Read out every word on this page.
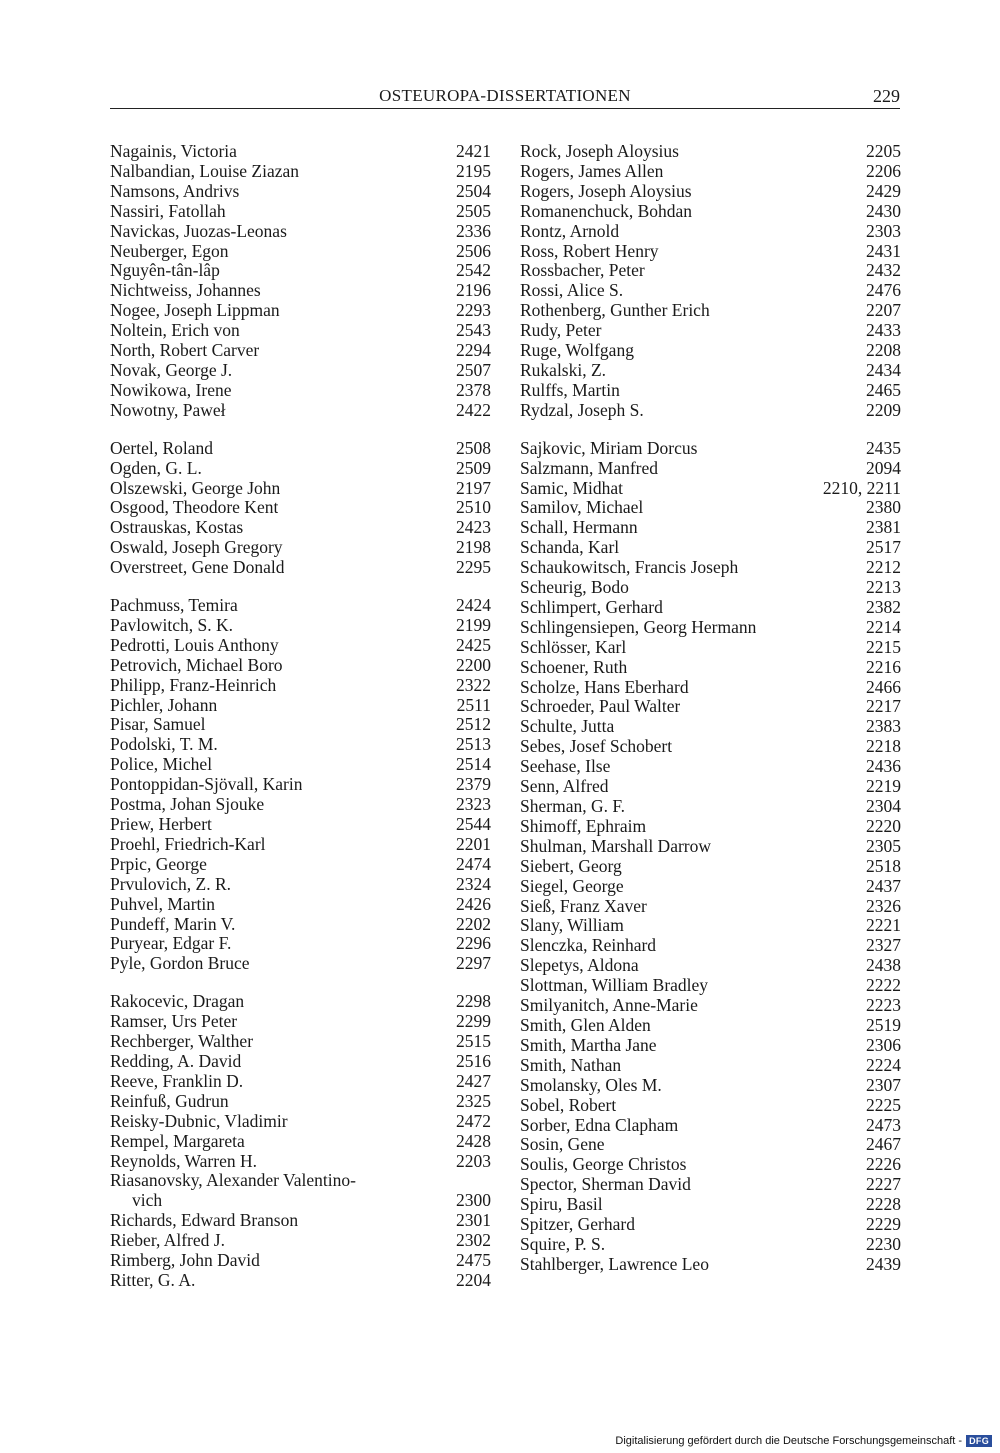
OSTEUROPA-DISSERTATIONEN	229
Nagainis, Victoria	2421
Nalbandian, Louise Ziazan	2195
Namsons, Andrivs	2504
Nassiri, Fatollah	2505
Navickas, Juozas-Leonas	2336
Neuberger, Egon	2506
Nguyên-tân-lâp	2542
Nichtweiss, Johannes	2196
Nogee, Joseph Lippman	2293
Noltein, Erich von	2543
North, Robert Carver	2294
Novak, George J.	2507
Nowikowa, Irene	2378
Nowotny, Paweł	2422
Oertel, Roland	2508
Ogden, G. L.	2509
Olszewski, George John	2197
Osgood, Theodore Kent	2510
Ostrauskas, Kostas	2423
Oswald, Joseph Gregory	2198
Overstreet, Gene Donald	2295
Pachmuss, Temira	2424
Pavlowitch, S. K.	2199
Pedrotti, Louis Anthony	2425
Petrovich, Michael Boro	2200
Philipp, Franz-Heinrich	2322
Pichler, Johann	2511
Pisar, Samuel	2512
Podolski, T. M.	2513
Police, Michel	2514
Pontoppidan-Sjövall, Karin	2379
Postma, Johan Sjouke	2323
Priew, Herbert	2544
Proehl, Friedrich-Karl	2201
Prpic, George	2474
Prvulovich, Z. R.	2324
Puhvel, Martin	2426
Pundeff, Marin V.	2202
Puryear, Edgar F.	2296
Pyle, Gordon Bruce	2297
Rakocevic, Dragan	2298
Ramser, Urs Peter	2299
Rechberger, Walther	2515
Redding, A. David	2516
Reeve, Franklin D.	2427
Reinfuß, Gudrun	2325
Reisky-Dubnic, Vladimir	2472
Rempel, Margareta	2428
Reynolds, Warren H.	2203
Riasanovsky, Alexander Valentino-
vich	2300
Richards, Edward Branson	2301
Rieber, Alfred J.	2302
Rimberg, John David	2475
Ritter, G. A.	2204
Rock, Joseph Aloysius	2205
Rogers, James Allen	2206
Rogers, Joseph Aloysius	2429
Romanenchuck, Bohdan	2430
Rontz, Arnold	2303
Ross, Robert Henry	2431
Rossbacher, Peter	2432
Rossi, Alice S.	2476
Rothenberg, Gunther Erich	2207
Rudy, Peter	2433
Ruge, Wolfgang	2208
Rukalski, Z.	2434
Rulffs, Martin	2465
Rydzal, Joseph S.	2209
Sajkovic, Miriam Dorcus	2435
Salzmann, Manfred	2094
Samic, Midhat	2210, 2211
Samilov, Michael	2380
Schall, Hermann	2381
Schanda, Karl	2517
Schaukowitsch, Francis Joseph	2212
Scheurig, Bodo	2213
Schlimpert, Gerhard	2382
Schlingensiepen, Georg Hermann	2214
Schlösser, Karl	2215
Schoener, Ruth	2216
Scholze, Hans Eberhard	2466
Schroeder, Paul Walter	2217
Schulte, Jutta	2383
Sebes, Josef Schobert	2218
Seehase, Ilse	2436
Senn, Alfred	2219
Sherman, G. F.	2304
Shimoff, Ephraim	2220
Shulman, Marshall Darrow	2305
Siebert, Georg	2518
Siegel, George	2437
Sieß, Franz Xaver	2326
Slany, William	2221
Slenczka, Reinhard	2327
Slepetys, Aldona	2438
Slottman, William Bradley	2222
Smilyanitch, Anne-Marie	2223
Smith, Glen Alden	2519
Smith, Martha Jane	2306
Smith, Nathan	2224
Smolansky, Oles M.	2307
Sobel, Robert	2225
Sorber, Edna Clapham	2473
Sosin, Gene	2467
Soulis, George Christos	2226
Spector, Sherman David	2227
Spiru, Basil	2228
Spitzer, Gerhard	2229
Squire, P. S.	2230
Stahlberger, Lawrence Leo	2439
Digitalisierung gefördert durch die Deutsche Forschungsgemeinschaft - DFG
